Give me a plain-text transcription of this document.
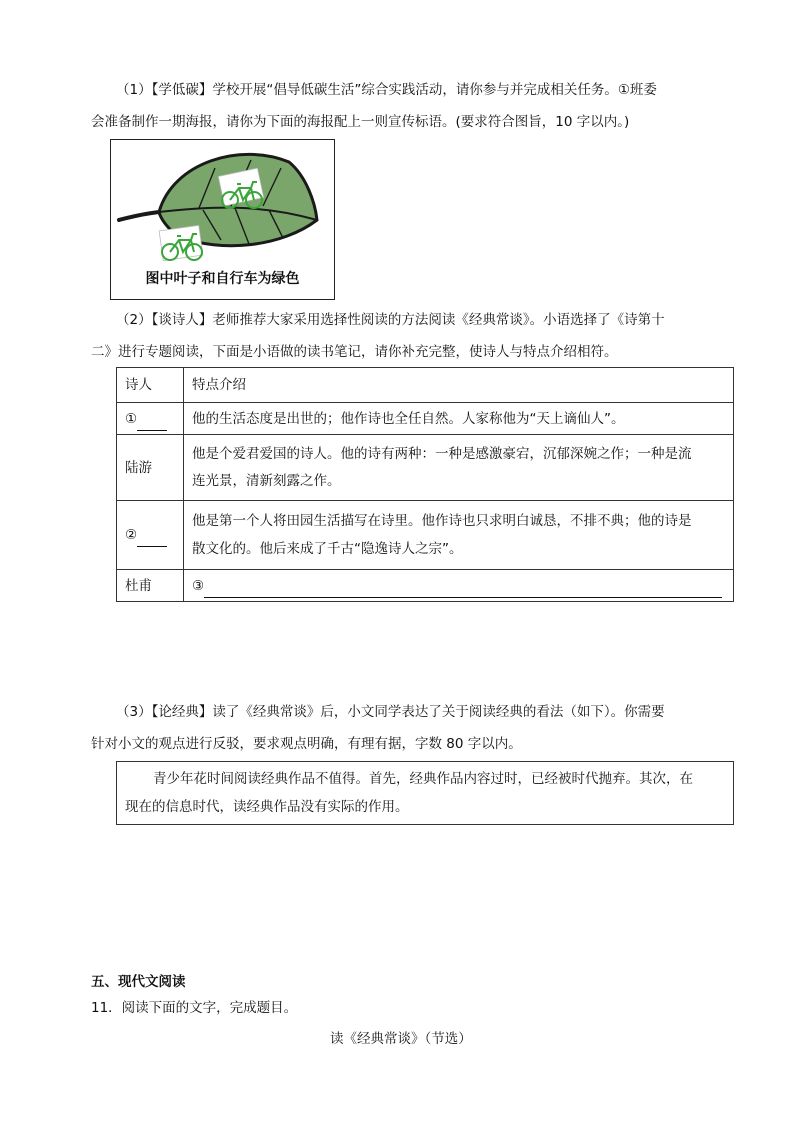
（1）【学低碳】学校开展“倡导低碳生活”综合实践活动，请你参与并完成相关任务。①班委
会准备制作一期海报，请你为下面的海报配上一则宣传标语。(要求符合图旨，10 字以内。)
图中叶子和自行车为绿色
（2）【谈诗人】老师推荐大家采用选择性阅读的方法阅读《经典常谈》。小语选择了《诗第十
二》进行专题阅读，下面是小语做的读书笔记，请你补充完整，使诗人与特点介绍相符。
诗人	特点介绍
①	他的生活态度是出世的；他作诗也全任自然。人家称他为“天上谪仙人”。
陆游	他是个爱君爱国的诗人。他的诗有两种：一种是感激豪宕，沉郁深婉之作；一种是流
连光景，清新刻露之作。

②	他是第一个人将田园生活描写在诗里。他作诗也只求明白诚恳，不排不典；他的诗是
散文化的。他后来成了千古“隐逸诗人之宗”。

杜甫	③
（3）【论经典】读了《经典常谈》后，小文同学表达了关于阅读经典的看法（如下）。你需要
针对小文的观点进行反驳，要求观点明确，有理有据，字数 80 字以内。
青少年花时间阅读经典作品不值得。首先，经典作品内容过时，已经被时代抛弃。其次，在
现在的信息时代，读经典作品没有实际的作用。
五、现代文阅读
11．阅读下面的文字，完成题目。
读《经典常谈》（节选）
